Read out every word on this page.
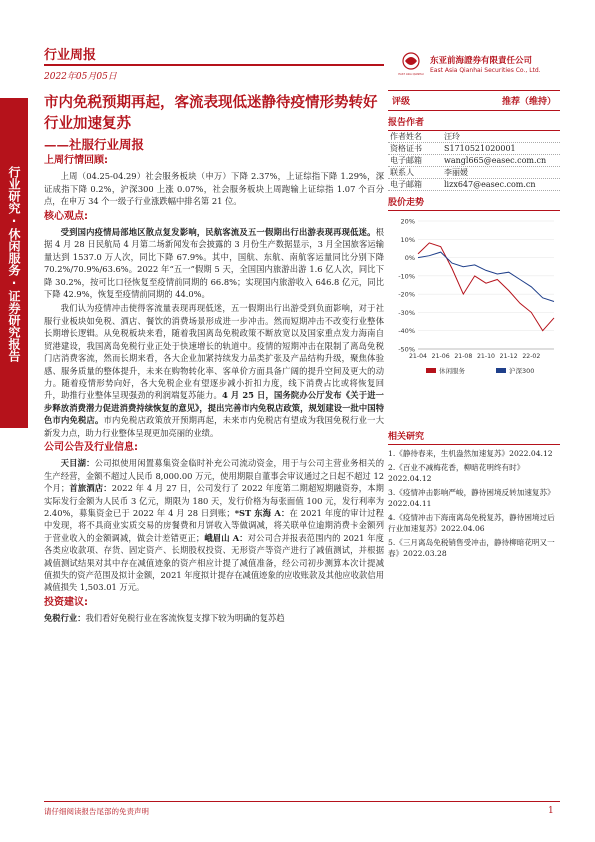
行业周报
2022年05月05日	EAST ASIA QIANHAI
东亚前海證券有限責任公司
East Asia Qianhai Securities Co., Ltd.
行业研究·休闲服务·证券研究报告
市内免税预期再起，客流表现低迷静待疫情形势转好行业加速复苏
——社服行业周报
上周行情回顾:

上周（04.25-04.29）社会服务板块（申万）下降 2.37%，上证综指下降 1.29%，深证成指下降 0.2%，沪深300 上涨 0.07%，社会服务板块上周跑输上证综指 1.07 个百分点，在申万 34 个一级子行业涨跌幅中排名第 21 位。

核心观点:

受到国内疫情局部地区散点复发影响，民航客流及五一假期出行出游表现再现低迷。根据 4 月 28 日民航局 4 月第二场新闻发布会披露的 3 月份生产数据显示，3 月全国旅客运输量达到 1537.0 万人次，同比下降 67.9%。其中，国航、东航、南航客运量同比分别下降 70.2%/70.9%/63.6%。2022 年“五一”假期 5 天，全国国内旅游出游 1.6 亿人次，同比下降 30.2%，按可比口径恢复至疫情前同期的 66.8%；实现国内旅游收入 646.8 亿元，同比下降 42.9%，恢复至疫情前同期的 44.0%。

我们认为疫情冲击使得客流量表现再现低迷，五一假期出行出游受到负面影响，对于社服行业板块如免税、酒店、餐饮的消费场景形成进一步冲击。然而短期冲击不改变行业整体长期增长逻辑。从免税板块来看，随着我国离岛免税政策不断放宽以及国家重点发力海南自贸港建设，我国离岛免税行业正处于快速增长的轨道中。疫情的短期冲击在限制了离岛免税门店消费客流，然而长期来看，各大企业加紧持续发力品类扩张及产品结构升级，聚焦体验感、服务质量的整体提升，未来在购物转化率、客单价方面具备广阔的提升空间及更大的动力。随着疫情形势向好，各大免税企业有望逐步减小折扣力度，线下消费占比或将恢复回升，助推行业整体呈现强劲的利润端复苏能力。4 月 25 日，国务院办公厅发布《关于进一步释放消费潜力促进消费持续恢复的意见》，提出完善市内免税店政策，规划建设一批中国特色市内免税店。市内免税店政策放开预期再起，未来市内免税店有望成为我国免税行业一大新发力点，助力行业整体呈现更加亮丽的业绩。

公司公告及行业信息:

天目湖：公司拟使用闲置募集资金临时补充公司流动资金，用于与公司主营业务相关的生产经营，金额不超过人民币 8,000.00 万元，使用期限自董事会审议通过之日起不超过 12 个月；首旅酒店：2022 年 4 月 27 日，公司发行了 2022 年度第二期超短期融资券，本期实际发行金额为人民币 3 亿元，期限为 180 天，发行价格为每张面值 100 元，发行利率为 2.40%，募集资金已于 2022 年 4 月 28 日到账；*ST 东海 A：在 2021 年度的审计过程中发现，将不具商业实质交易的房餐费和月饼收入等做调减，将关联单位逾期消费卡金额列于营业收入的金额调减，做会计差错更正；峨眉山 A：对公司合并报表范围内的 2021 年度各类应收款项、存货、固定资产、长期股权投资、无形资产等资产进行了减值测试，并根据减值测试结果对其中存在减值迹象的资产相应计提了减值准备，经公司初步测算本次计提减值损失的资产范围及拟计金额，2021 年度拟计提存在减值迹象的应收账款及其他应收款信用减值损失 1,503.01 万元。

投资建议:

免税行业：我们看好免税行业在客流恢复支撑下较为明确的复苏趋

评级	推荐（维持）
报告作者
作者姓名	汪玲
资格证书	S1710521020001
电子邮箱	wangl665@easec.com.cn
联系人	李丽媛
电子邮箱	lizx647@easec.com.cn
股价走势
20%
10%
0%
-10%
-20%
-30%
-40%
-50%
21-04 21-06 21-08 21-10 21-12 22-02
休闲服务	沪深300
相关研究
1.《静待春来，生机盎然加速复苏》2022.04.12
2.《百业不减梅花香，柳暗花明终有时》2022.04.12
3.《疫情冲击影响严峻，静待困境反转加速复苏》2022.04.11
4.《疫情冲击下海南离岛免税复苏，静待困境过后行业加速复苏》2022.04.06
5.《三月离岛免税销售受冲击，静待柳暗花明又一春》2022.03.28
请仔细阅读报告尾部的免责声明	1
